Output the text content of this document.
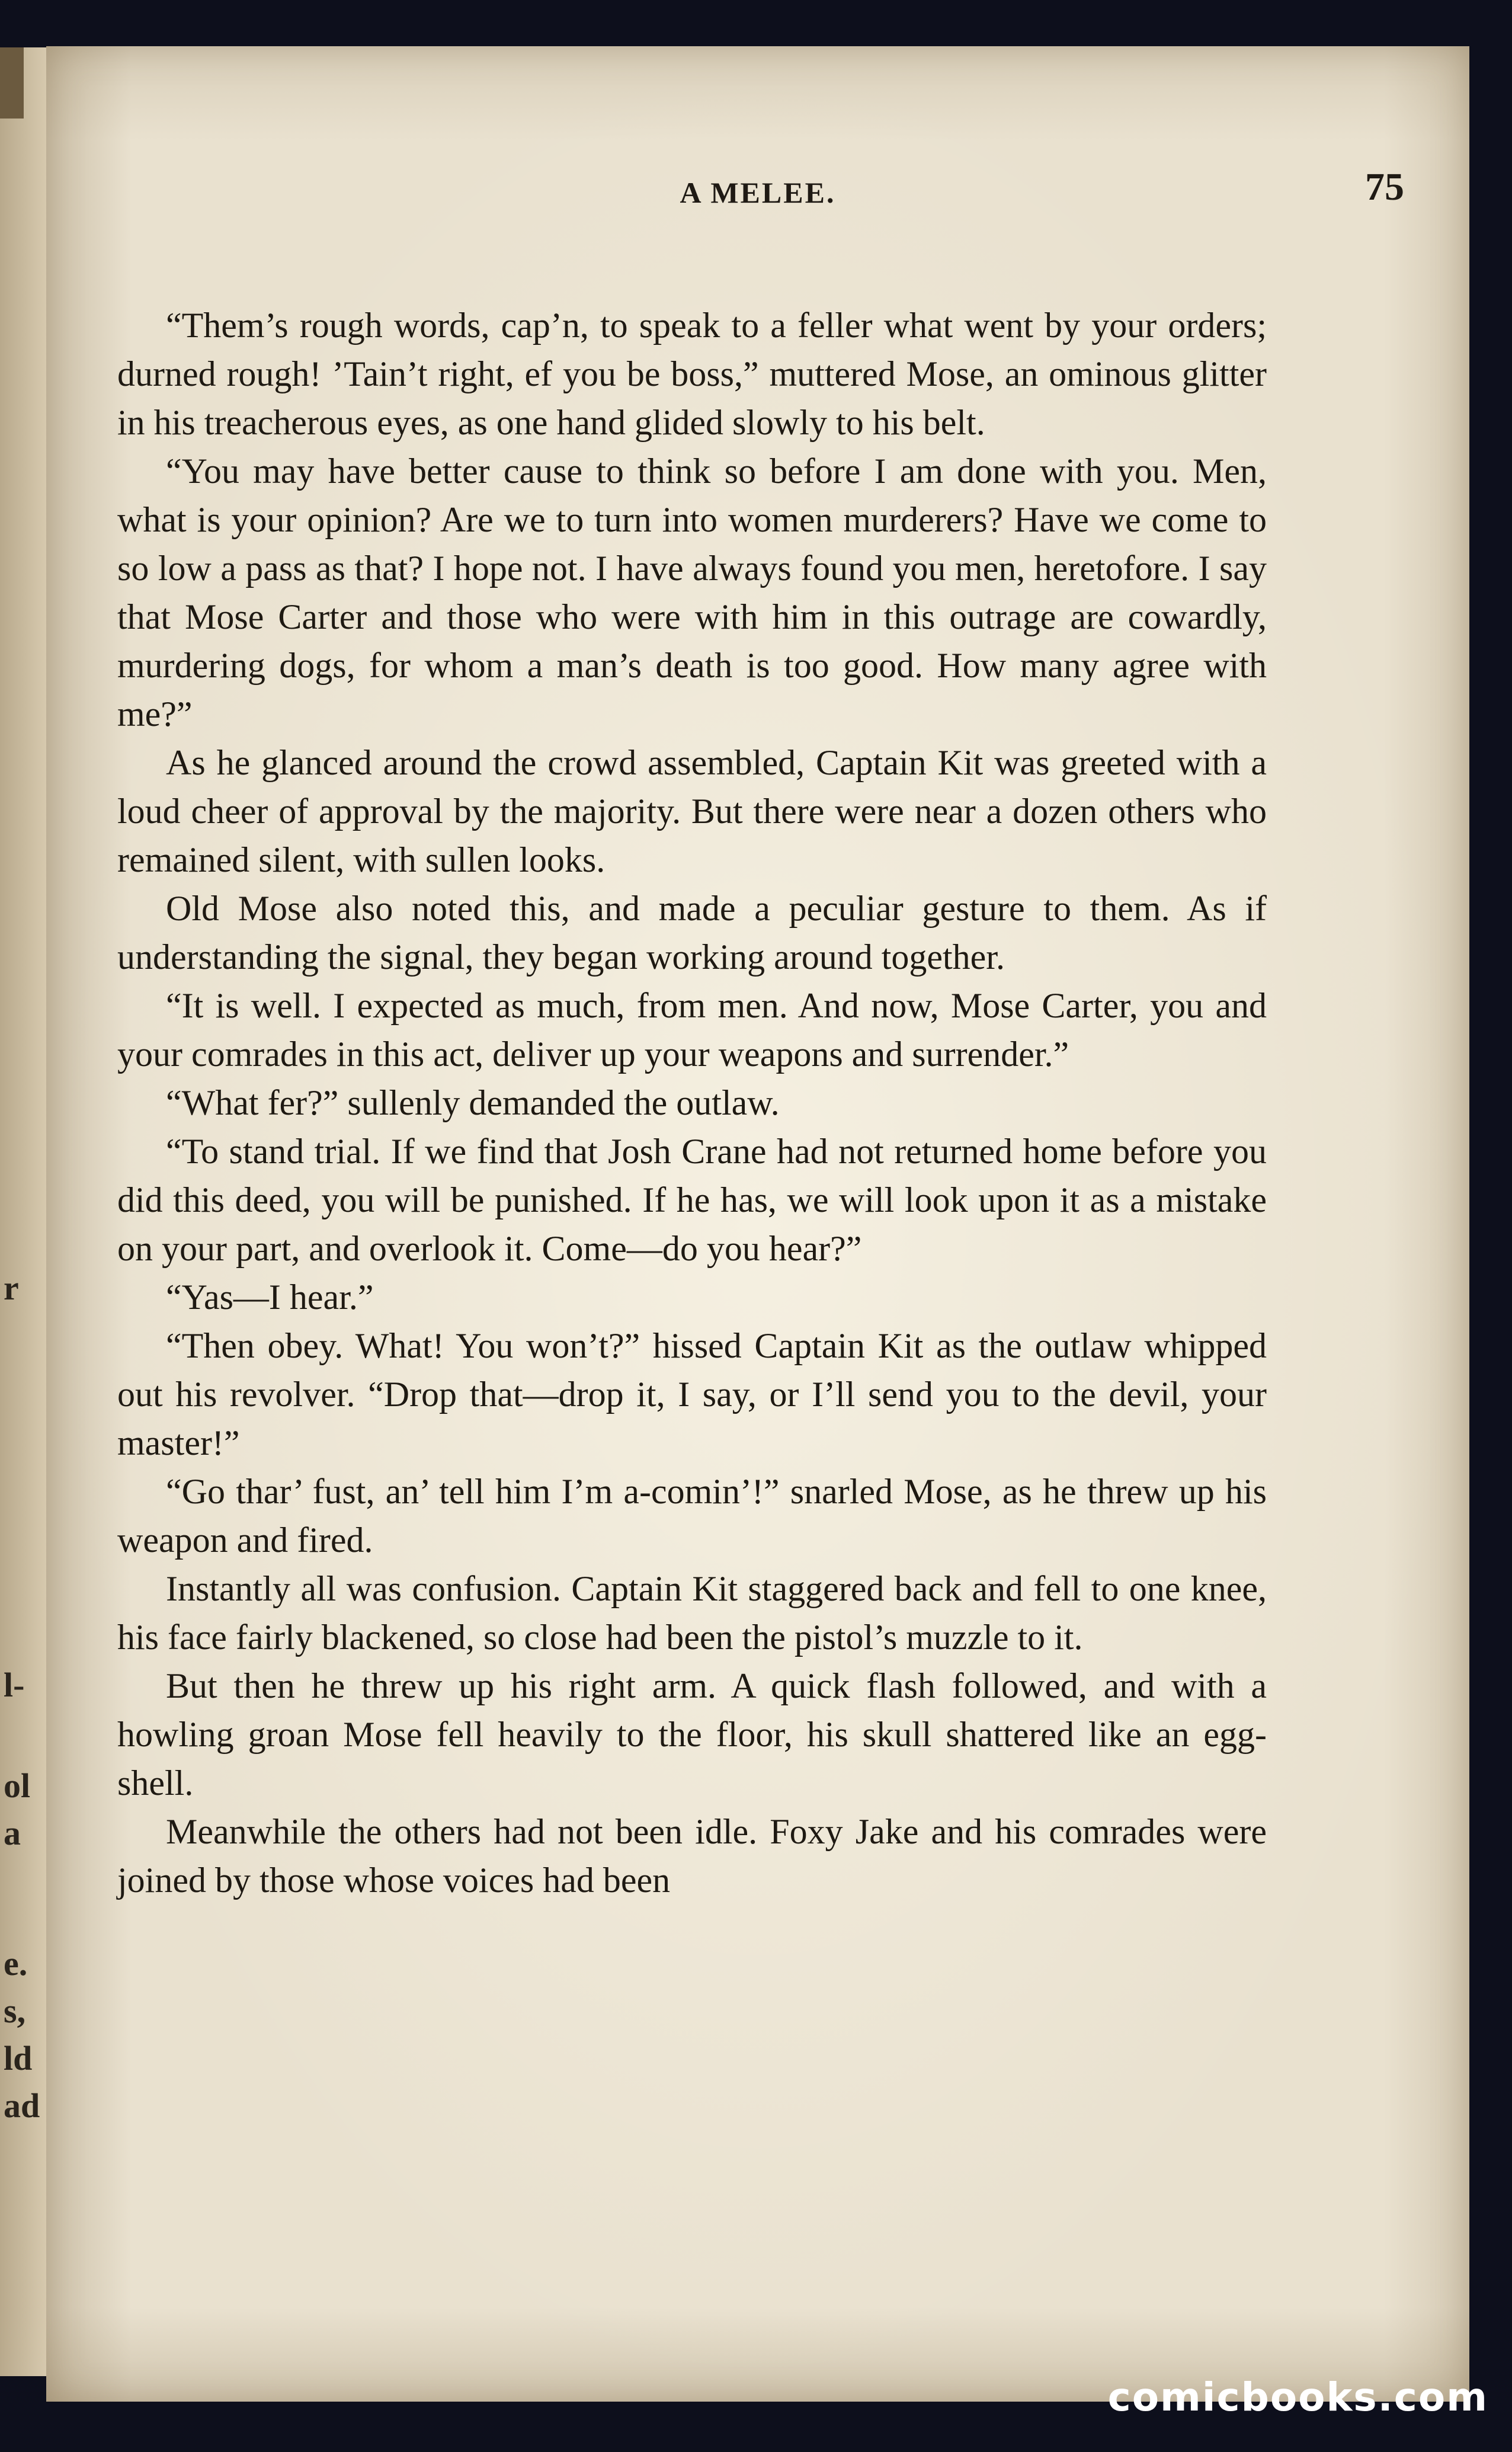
r
l-
ol
a
e.
s,
ld
ad
A MELEE.	75

“Them’s rough words, cap’n, to speak to a feller what went by your orders; durned rough! ’Tain’t right, ef you be boss,” muttered Mose, an ominous glitter in his treacherous eyes, as one hand glided slowly to his belt.

“You may have better cause to think so before I am done with you. Men, what is your opinion? Are we to turn into women murderers? Have we come to so low a pass as that? I hope not. I have always found you men, heretofore. I say that Mose Carter and those who were with him in this outrage are cowardly, murdering dogs, for whom a man’s death is too good. How many agree with me?”

As he glanced around the crowd assembled, Captain Kit was greeted with a loud cheer of approval by the majority. But there were near a dozen others who remained silent, with sullen looks.

Old Mose also noted this, and made a peculiar gesture to them. As if understanding the signal, they began working around together.

“It is well. I expected as much, from men. And now, Mose Carter, you and your comrades in this act, deliver up your weapons and surrender.”

“What fer?” sullenly demanded the outlaw.

“To stand trial. If we find that Josh Crane had not returned home before you did this deed, you will be punished. If he has, we will look upon it as a mistake on your part, and overlook it. Come—do you hear?”

“Yas—I hear.”

“Then obey. What! You won’t?” hissed Captain Kit as the outlaw whipped out his revolver. “Drop that—drop it, I say, or I’ll send you to the devil, your master!”

“Go thar’ fust, an’ tell him I’m a-comin’!” snarled Mose, as he threw up his weapon and fired.

Instantly all was confusion. Captain Kit staggered back and fell to one knee, his face fairly blackened, so close had been the pistol’s muzzle to it.

But then he threw up his right arm. A quick flash followed, and with a howling groan Mose fell heavily to the floor, his skull shattered like an egg-shell.

Meanwhile the others had not been idle. Foxy Jake and his comrades were joined by those whose voices had been

comicbooks.com
